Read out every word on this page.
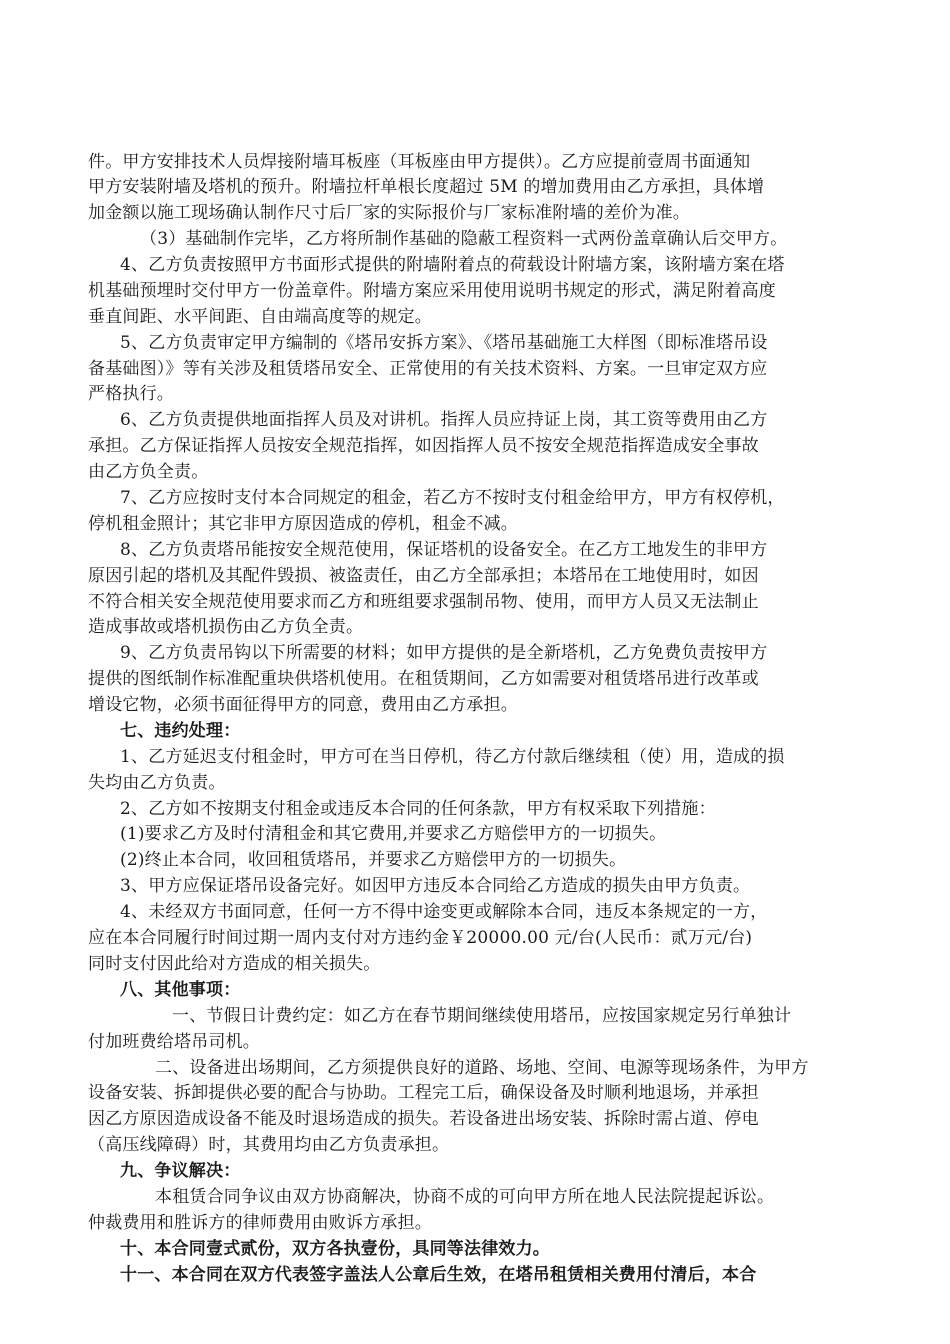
件。甲方安排技术人员焊接附墙耳板座（耳板座由甲方提供）。乙方应提前壹周书面通知
甲方安装附墙及塔机的预升。附墙拉杆单根长度超过 5M 的增加费用由乙方承担，具体增
加金额以施工现场确认制作尺寸后厂家的实际报价与厂家标准附墙的差价为准。
（3）基础制作完毕，乙方将所制作基础的隐蔽工程资料一式两份盖章确认后交甲方。
4、乙方负责按照甲方书面形式提供的附墙附着点的荷载设计附墙方案，该附墙方案在塔
机基础预埋时交付甲方一份盖章件。附墙方案应采用使用说明书规定的形式，满足附着高度
垂直间距、水平间距、自由端高度等的规定。
5、乙方负责审定甲方编制的《塔吊安拆方案》、《塔吊基础施工大样图（即标准塔吊设
备基础图）》等有关涉及租赁塔吊安全、正常使用的有关技术资料、方案。一旦审定双方应
严格执行。
6、乙方负责提供地面指挥人员及对讲机。指挥人员应持证上岗，其工资等费用由乙方
承担。乙方保证指挥人员按安全规范指挥，如因指挥人员不按安全规范指挥造成安全事故
由乙方负全责。
7、乙方应按时支付本合同规定的租金，若乙方不按时支付租金给甲方，甲方有权停机，
停机租金照计；其它非甲方原因造成的停机，租金不减。
8、乙方负责塔吊能按安全规范使用，保证塔机的设备安全。在乙方工地发生的非甲方
原因引起的塔机及其配件毁损、被盗责任，由乙方全部承担；本塔吊在工地使用时，如因
不符合相关安全规范使用要求而乙方和班组要求强制吊物、使用，而甲方人员又无法制止
造成事故或塔机损伤由乙方负全责。
9、乙方负责吊钩以下所需要的材料；如甲方提供的是全新塔机，乙方免费负责按甲方
提供的图纸制作标准配重块供塔机使用。在租赁期间，乙方如需要对租赁塔吊进行改革或
增设它物，必须书面征得甲方的同意，费用由乙方承担。
七、违约处理：
1、乙方延迟支付租金时，甲方可在当日停机，待乙方付款后继续租（使）用，造成的损
失均由乙方负责。
2、乙方如不按期支付租金或违反本合同的任何条款，甲方有权采取下列措施：
(1)要求乙方及时付清租金和其它费用,并要求乙方赔偿甲方的一切损失。
(2)终止本合同，收回租赁塔吊，并要求乙方赔偿甲方的一切损失。
3、甲方应保证塔吊设备完好。如因甲方违反本合同给乙方造成的损失由甲方负责。
4、未经双方书面同意，任何一方不得中途变更或解除本合同，违反本条规定的一方，
应在本合同履行时间过期一周内支付对方违约金￥20000.00 元/台(人民币：贰万元/台)
同时支付因此给对方造成的相关损失。
八、其他事项：
一、节假日计费约定：如乙方在春节期间继续使用塔吊，应按国家规定另行单独计
付加班费给塔吊司机。
二、设备进出场期间，乙方须提供良好的道路、场地、空间、电源等现场条件，为甲方
设备安装、拆卸提供必要的配合与协助。工程完工后，确保设备及时顺利地退场，并承担
因乙方原因造成设备不能及时退场造成的损失。若设备进出场安装、拆除时需占道、停电
（高压线障碍）时，其费用均由乙方负责承担。
九、争议解决：
本租赁合同争议由双方协商解决，协商不成的可向甲方所在地人民法院提起诉讼。
仲裁费用和胜诉方的律师费用由败诉方承担。
十、本合同壹式贰份，双方各执壹份，具同等法律效力。
十一、本合同在双方代表签字盖法人公章后生效，在塔吊租赁相关费用付清后，本合
